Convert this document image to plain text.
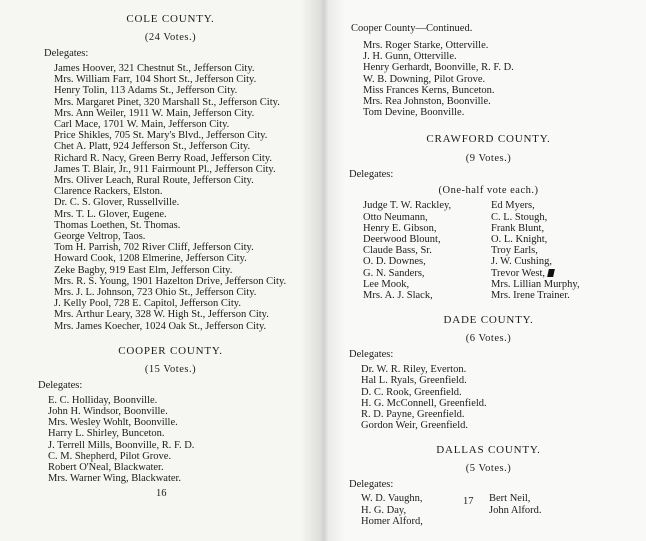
COLE COUNTY.

(24 Votes.)

Delegates:

James Hoover, 321 Chestnut St., Jefferson City.
Mrs. William Farr, 104 Short St., Jefferson City.
Henry Tolin, 113 Adams St., Jefferson City.
Mrs. Margaret Pinet, 320 Marshall St., Jefferson City.
Mrs. Ann Weiler, 1911 W. Main, Jefferson City.
Carl Mace, 1701 W. Main, Jefferson City.
Price Shikles, 705 St. Mary's Blvd., Jefferson City.
Chet A. Platt, 924 Jefferson St., Jefferson City.
Richard R. Nacy, Green Berry Road, Jefferson City.
James T. Blair, Jr., 911 Fairmount Pl., Jefferson City.
Mrs. Oliver Leach, Rural Route, Jefferson City.
Clarence Rackers, Elston.
Dr. C. S. Glover, Russellville.
Mrs. T. L. Glover, Eugene.
Thomas Loethen, St. Thomas.
George Veltrop, Taos.
Tom H. Parrish, 702 River Cliff, Jefferson City.
Howard Cook, 1208 Elmerine, Jefferson City.
Zeke Bagby, 919 East Elm, Jefferson City.
Mrs. R. S. Young, 1901 Hazelton Drive, Jefferson City.
Mrs. J. L. Johnson, 723 Ohio St., Jefferson City.
J. Kelly Pool, 728 E. Capitol, Jefferson City.
Mrs. Arthur Leary, 328 W. High St., Jefferson City.
Mrs. James Koecher, 1024 Oak St., Jefferson City.

COOPER COUNTY.

(15 Votes.)

Delegates:

E. C. Holliday, Boonville.
John H. Windsor, Boonville.
Mrs. Wesley Wohlt, Boonville.
Harry L. Shirley, Bunceton.
J. Terrell Mills, Boonville, R. F. D.
C. M. Shepherd, Pilot Grove.
Robert O'Neal, Blackwater.
Mrs. Warner Wing, Blackwater.
16

Cooper County—Continued.

Mrs. Roger Starke, Otterville.
J. H. Gunn, Otterville.
Henry Gerhardt, Boonville, R. F. D.
W. B. Downing, Pilot Grove.
Miss Frances Kerns, Bunceton.
Mrs. Rea Johnston, Boonville.
Tom Devine, Boonville.

CRAWFORD COUNTY.

(9 Votes.)

Delegates:

(One-half vote each.)

Judge T. W. Rackley,
Otto Neumann,
Henry E. Gibson,
Deerwood Blount,
Claude Bass, Sr.
O. D. Downes,
G. N. Sanders,
Lee Mook,
Mrs. A. J. Slack,
Ed Myers,
C. L. Stough,
Frank Blunt,
O. L. Knight,
Troy Earls,
J. W. Cushing,
Trevor West,
Mrs. Lillian Murphy,
Mrs. Irene Trainer.

DADE COUNTY.

(6 Votes.)

Delegates:

Dr. W. R. Riley, Everton.
Hal L. Ryals, Greenfield.
D. C. Rook, Greenfield.
H. G. McConnell, Greenfield.
R. D. Payne, Greenfield.
Gordon Weir, Greenfield.

DALLAS COUNTY.

(5 Votes.)

Delegates:

W. D. Vaughn,
H. G. Day,
Homer Alford,
Bert Neil,
John Alford.
17
